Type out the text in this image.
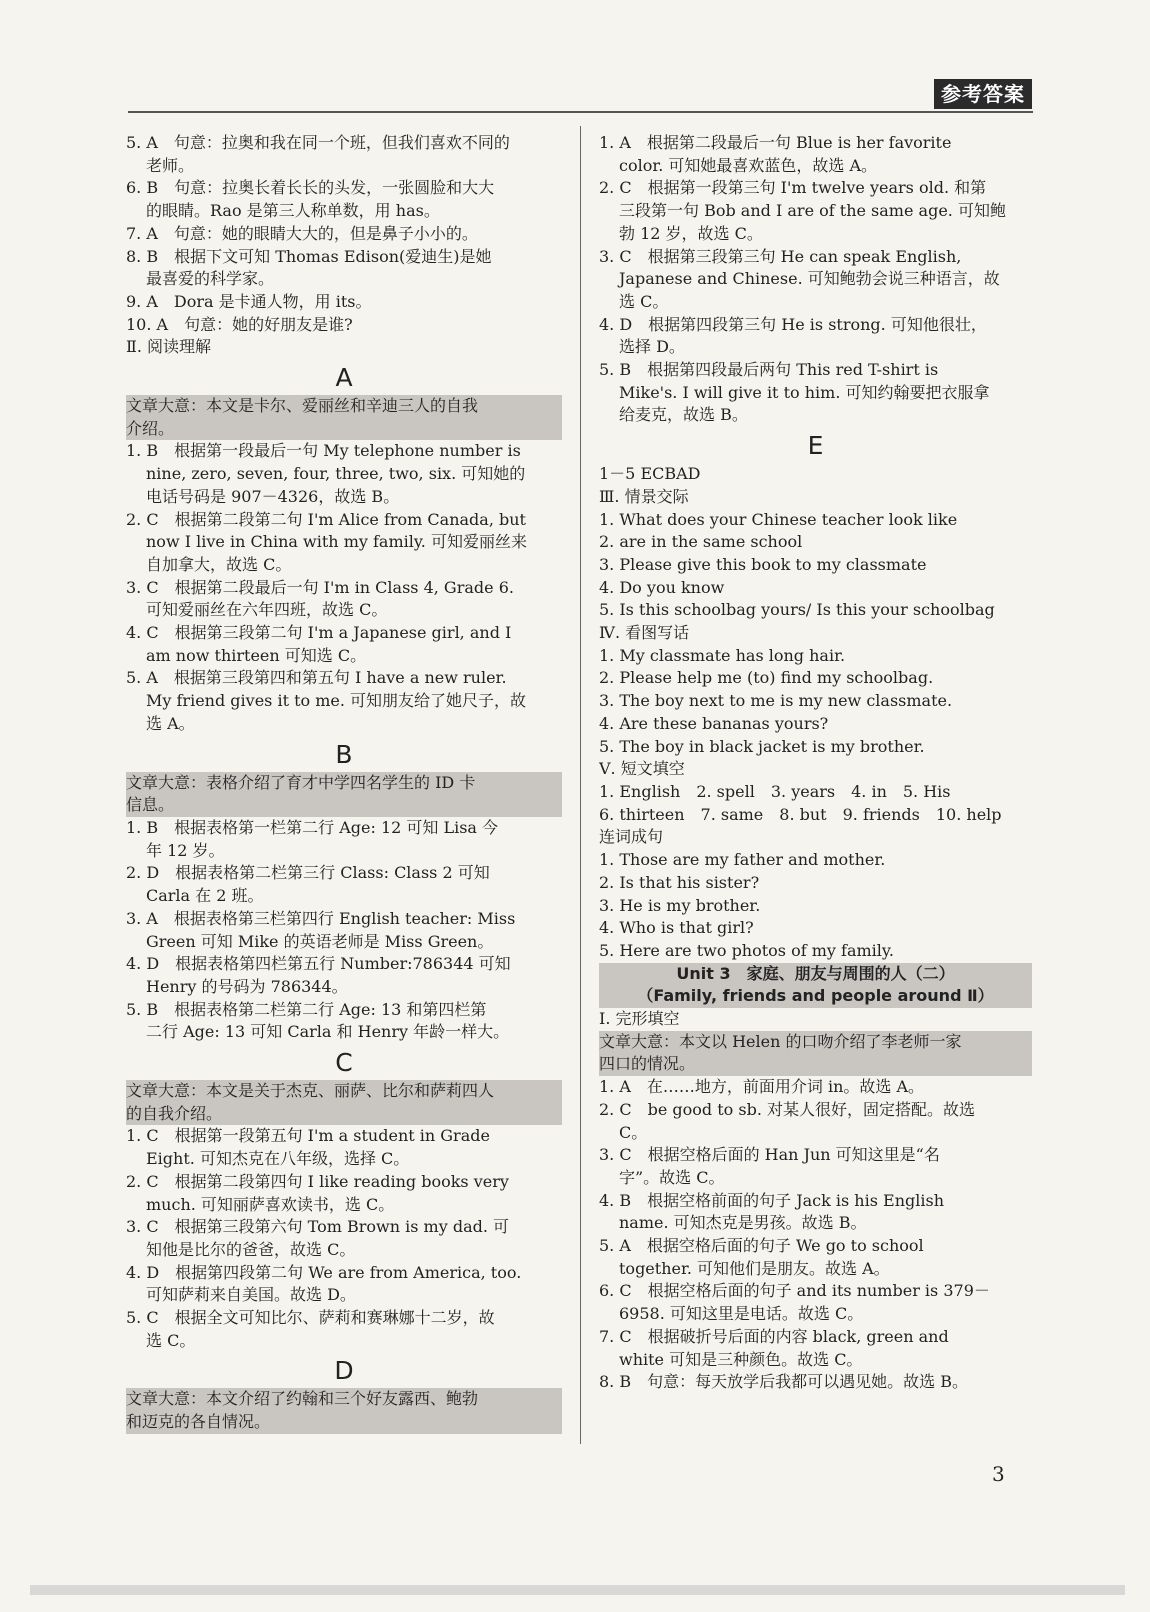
参考答案
5. A　句意：拉奥和我在同一个班，但我们喜欢不同的
老师。
6. B　句意：拉奥长着长长的头发，一张圆脸和大大
的眼睛。Rao 是第三人称单数，用 has。
7. A　句意：她的眼睛大大的，但是鼻子小小的。
8. B　根据下文可知 Thomas Edison(爱迪生)是她
最喜爱的科学家。
9. A　Dora 是卡通人物，用 its。
10. A　句意：她的好朋友是谁?
Ⅱ. 阅读理解
A
文章大意：本文是卡尔、爱丽丝和辛迪三人的自我
介绍。
1. B　根据第一段最后一句 My telephone number is
nine, zero, seven, four, three, two, six. 可知她的
电话号码是 907－4326，故选 B。
2. C　根据第二段第二句 I'm Alice from Canada, but
now I live in China with my family. 可知爱丽丝来
自加拿大，故选 C。
3. C　根据第二段最后一句 I'm in Class 4, Grade 6.
可知爱丽丝在六年四班，故选 C。
4. C　根据第三段第二句 I'm a Japanese girl, and I
am now thirteen 可知选 C。
5. A　根据第三段第四和第五句 I have a new ruler.
My friend gives it to me. 可知朋友给了她尺子，故
选 A。
B
文章大意：表格介绍了育才中学四名学生的 ID 卡
信息。
1. B　根据表格第一栏第二行 Age: 12 可知 Lisa 今
年 12 岁。
2. D　根据表格第二栏第三行 Class: Class 2 可知
Carla 在 2 班。
3. A　根据表格第三栏第四行 English teacher: Miss
Green 可知 Mike 的英语老师是 Miss Green。
4. D　根据表格第四栏第五行 Number:786344 可知
Henry 的号码为 786344。
5. B　根据表格第二栏第二行 Age: 13 和第四栏第
二行 Age: 13 可知 Carla 和 Henry 年龄一样大。
C
文章大意：本文是关于杰克、丽萨、比尔和萨莉四人
的自我介绍。
1. C　根据第一段第五句 I'm a student in Grade
Eight. 可知杰克在八年级，选择 C。
2. C　根据第二段第四句 I like reading books very
much. 可知丽萨喜欢读书，选 C。
3. C　根据第三段第六句 Tom Brown is my dad. 可
知他是比尔的爸爸，故选 C。
4. D　根据第四段第二句 We are from America, too.
可知萨莉来自美国。故选 D。
5. C　根据全文可知比尔、萨莉和赛琳娜十二岁，故
选 C。
D
文章大意：本文介绍了约翰和三个好友露西、鲍勃
和迈克的各自情况。
1. A　根据第二段最后一句 Blue is her favorite
color. 可知她最喜欢蓝色，故选 A。
2. C　根据第一段第三句 I'm twelve years old. 和第
三段第一句 Bob and I are of the same age. 可知鲍
勃 12 岁，故选 C。
3. C　根据第三段第三句 He can speak English,
Japanese and Chinese. 可知鲍勃会说三种语言，故
选 C。
4. D　根据第四段第三句 He is strong. 可知他很壮，
选择 D。
5. B　根据第四段最后两句 This red T-shirt is
Mike's. I will give it to him. 可知约翰要把衣服拿
给麦克，故选 B。
E
1－5 ECBAD
Ⅲ. 情景交际
1. What does your Chinese teacher look like
2. are in the same school
3. Please give this book to my classmate
4. Do you know
5. Is this schoolbag yours/ Is this your schoolbag
Ⅳ. 看图写话
1. My classmate has long hair.
2. Please help me (to) find my schoolbag.
3. The boy next to me is my new classmate.
4. Are these bananas yours?
5. The boy in black jacket is my brother.
Ⅴ. 短文填空
1. English　2. spell　3. years　4. in　5. His
6. thirteen　7. same　8. but　9. friends　10. help
连词成句
1. Those are my father and mother.
2. Is that his sister?
3. He is my brother.
4. Who is that girl?
5. Here are two photos of my family.
Unit 3　家庭、朋友与周围的人（二）
（Family, friends and people around Ⅱ）
Ⅰ. 完形填空
文章大意：本文以 Helen 的口吻介绍了李老师一家
四口的情况。
1. A　在……地方，前面用介词 in。故选 A。
2. C　be good to sb. 对某人很好，固定搭配。故选
C。
3. C　根据空格后面的 Han Jun 可知这里是“名
字”。故选 C。
4. B　根据空格前面的句子 Jack is his English
name. 可知杰克是男孩。故选 B。
5. A　根据空格后面的句子 We go to school
together. 可知他们是朋友。故选 A。
6. C　根据空格后面的句子 and its number is 379－
6958. 可知这里是电话。故选 C。
7. C　根据破折号后面的内容 black, green and
white 可知是三种颜色。故选 C。
8. B　句意：每天放学后我都可以遇见她。故选 B。
3
